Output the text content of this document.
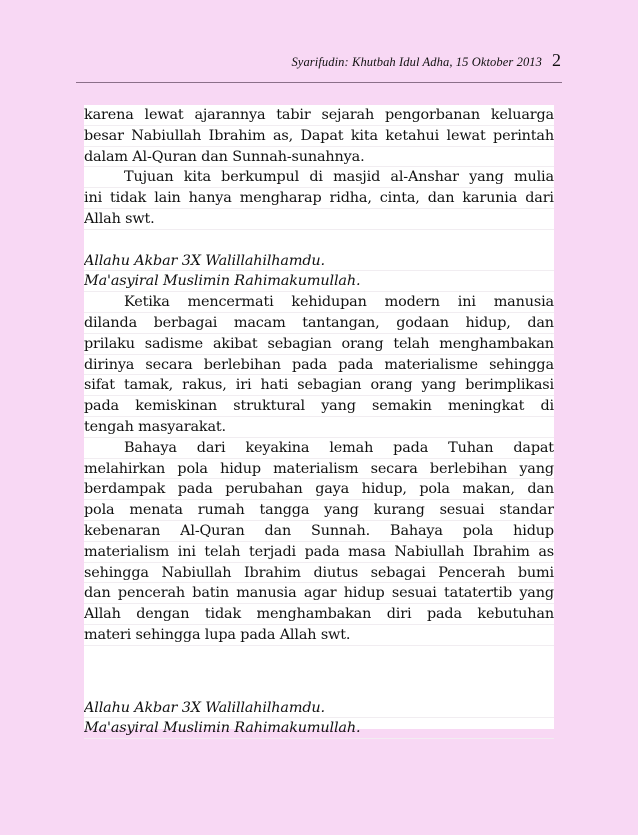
Syarifudin: Khutbah Idul Adha, 15 Oktober 2013 2
karena lewat ajarannya tabir sejarah pengorbanan keluarga
besar Nabiullah Ibrahim as, Dapat kita ketahui lewat perintah
dalam Al-Quran dan Sunnah-sunahnya.
Tujuan kita berkumpul di masjid al-Anshar yang mulia
ini tidak lain hanya mengharap ridha, cinta, dan karunia dari
Allah swt.
Allahu Akbar 3X Walillahilhamdu.
Ma'asyiral Muslimin Rahimakumullah.
Ketika mencermati kehidupan modern ini manusia
dilanda berbagai macam tantangan, godaan hidup, dan
prilaku sadisme akibat sebagian orang telah menghambakan
dirinya secara berlebihan pada pada materialisme sehingga
sifat tamak, rakus, iri hati sebagian orang yang berimplikasi
pada kemiskinan struktural yang semakin meningkat di
tengah masyarakat.
Bahaya dari keyakina lemah pada Tuhan dapat
melahirkan pola hidup materialism secara berlebihan yang
berdampak pada perubahan gaya hidup, pola makan, dan
pola menata rumah tangga yang kurang sesuai standar
kebenaran Al-Quran dan Sunnah. Bahaya pola hidup
materialism ini telah terjadi pada masa Nabiullah Ibrahim as
sehingga Nabiullah Ibrahim diutus sebagai Pencerah bumi
dan pencerah batin manusia agar hidup sesuai tatatertib yang
Allah dengan tidak menghambakan diri pada kebutuhan
materi sehingga lupa pada Allah swt.
Allahu Akbar 3X Walillahilhamdu.
Ma'asyiral Muslimin Rahimakumullah.
